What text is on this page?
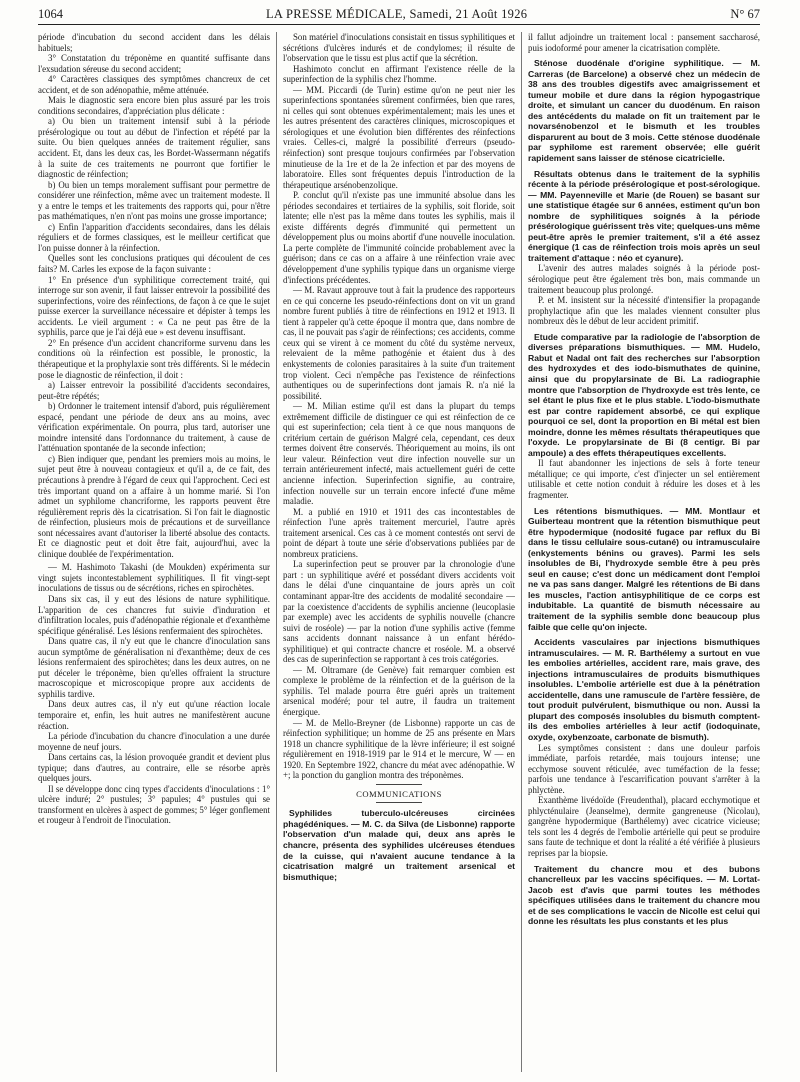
1064	LA PRESSE MÉDICALE, Samedi, 21 Août 1926	N° 67

période d'incubation du second accident dans les délais habituels;

3° Constatation du tréponème en quantité suffisante dans l'exsudation séreuse du second accident;

4° Caractères classiques des symptômes chancreux de cet accident, et de son adénopathie, même atténuée.

Mais le diagnostic sera encore bien plus assuré par les trois conditions secondaires, d'appréciation plus délicate :

a) Ou bien un traitement intensif subi à la période présérologique ou tout au début de l'infection et répété par la suite. Ou bien quelques années de traitement régulier, sans accident. Et, dans les deux cas, les Bordet-Wassermann négatifs à la suite de ces traitements ne pourront que fortifier le diagnostic de réinfection;

b) Ou bien un temps moralement suffisant pour permettre de considérer une réinfection, même avec un traitement modeste. Il y a entre le temps et les traitements des rapports qui, pour n'être pas mathématiques, n'en n'ont pas moins une grosse importance;

c) Enfin l'apparition d'accidents secondaires, dans les délais réguliers et de formes classiques, est le meilleur certificat que l'on puisse donner à la réinfection.

Quelles sont les conclusions pratiques qui découlent de ces faits? M. Carles les expose de la façon suivante :

1° En présence d'un syphilitique correctement traité, qui interroge sur son avenir, il faut laisser entrevoir la possibilité des superinfections, voire des réinfections, de façon à ce que le sujet puisse exercer la surveillance nécessaire et dépister à temps les accidents. Le vieil argument : « Ca ne peut pas être de la syphilis, parce que je l'ai déjà eue » est devenu insuffisant.

2° En présence d'un accident chancriforme survenu dans les conditions où la réinfection est possible, le pronostic, la thérapeutique et la prophylaxie sont très différents. Si le médecin pose le diagnostic de réinfection, il doit :

a) Laisser entrevoir la possibilité d'accidents secondaires, peut-être répétés;

b) Ordonner le traitement intensif d'abord, puis régulièrement espacé, pendant une période de deux ans au moins, avec vérification expérimentale. On pourra, plus tard, autoriser une moindre intensité dans l'ordonnance du traitement, à cause de l'atténuation spontanée de la seconde infection;

c) Bien indiquer que, pendant les premiers mois au moins, le sujet peut être à nouveau contagieux et qu'il a, de ce fait, des précautions à prendre à l'égard de ceux qui l'approchent. Ceci est très important quand on a affaire à un homme marié. Si l'on admet un syphilome chancriforme, les rapports peuvent être régulièrement repris dès la cicatrisation. Si l'on fait le diagnostic de réinfection, plusieurs mois de précautions et de surveillance sont nécessaires avant d'autoriser la liberté absolue des contacts. Et ce diagnostic peut et doit être fait, aujourd'hui, avec la clinique doublée de l'expérimentation.

— M. Hashimoto Takashi (de Moukden) expérimenta sur vingt sujets incontestablement syphilitiques. Il fit vingt-sept inoculations de tissus ou de sécrétions, riches en spirochètes.

Dans six cas, il y eut des lésions de nature syphilitique. L'apparition de ces chancres fut suivie d'induration et d'infiltration locales, puis d'adénopathie régionale et d'exanthème spécifique généralisé. Les lésions renfermaient des spirochètes.

Dans quatre cas, il n'y eut que le chancre d'inoculation sans aucun symptôme de généralisation ni d'exanthème; deux de ces lésions renfermaient des spirochètes; dans les deux autres, on ne put déceler le tréponème, bien qu'elles offraient la structure macroscopique et microscopique propre aux accidents de syphilis tardive.

Dans deux autres cas, il n'y eut qu'une réaction locale temporaire et, enfin, les huit autres ne manifestèrent aucune réaction.

La période d'incubation du chancre d'inoculation a une durée moyenne de neuf jours.

Dans certains cas, la lésion provoquée grandit et devient plus typique; dans d'autres, au contraire, elle se résorbe après quelques jours.

Il se développe donc cinq types d'accidents d'inoculations : 1° ulcère induré; 2° pustules; 3° papules; 4° pustules qui se transforment en ulcères à aspect de gommes; 5° léger gonflement et rougeur à l'endroit de l'inoculation.

Son matériel d'inoculations consistait en tissus syphilitiques et sécrétions d'ulcères indurés et de condylomes; il résulte de l'observation que le tissu est plus actif que la sécrétion.

Hashimoto conclut en affirmant l'existence réelle de la superinfection de la syphilis chez l'homme.

— MM. Piccardi (de Turin) estime qu'on ne peut nier les superinfections spontanées sûrement confirmées, bien que rares, ni celles qui sont obtenues expérimentalement; mais les unes et les autres présentent des caractères cliniques, microscopiques et sérologiques et une évolution bien différentes des réinfections vraies. Celles-ci, malgré la possibilité d'erreurs (pseudo-réinfection) sont presque toujours confirmées par l'observation minutieuse de la 1re et de la 2e infection et par des moyens de laboratoire. Elles sont fréquentes depuis l'introduction de la thérapeutique arsénobenzolique.

P. conclut qu'il n'existe pas une immunité absolue dans les périodes secondaires et tertiaires de la syphilis, soit floride, soit latente; elle n'est pas la même dans toutes les syphilis, mais il existe différents degrés d'immunité qui permettent un développement plus ou moins abortif d'une nouvelle inoculation. La perte complète de l'immunité coïncide probablement avec la guérison; dans ce cas on a affaire à une réinfection vraie avec développement d'une syphilis typique dans un organisme vierge d'infections précédentes.

— M. Ravaut approuve tout à fait la prudence des rapporteurs en ce qui concerne les pseudo-réinfections dont on vit un grand nombre furent publiés à titre de réinfections en 1912 et 1913. Il tient à rappeler qu'à cette époque il montra que, dans nombre de cas, il ne pouvait pas s'agir de réinfections; ces accidents, comme ceux qui se virent à ce moment du côté du système nerveux, relevaient de la même pathogénie et étaient dus à des enkystements de colonies parasitaires à la suite d'un traitement trop violent. Ceci n'empêche pas l'existence de réinfections authentiques ou de superinfections dont jamais R. n'a nié la possibilité.

— M. Milian estime qu'il est dans la plupart du temps extrêmement difficile de distinguer ce qui est réinfection de ce qui est superinfection; cela tient à ce que nous manquons de critérium certain de guérison Malgré cela, cependant, ces deux termes doivent être conservés. Théoriquement au moins, ils ont leur valeur. Réinfection veut dire infection nouvelle sur un terrain antérieurement infecté, mais actuellement guéri de cette ancienne infection. Superinfection signifie, au contraire, infection nouvelle sur un terrain encore infecté d'une même maladie.

M. a publié en 1910 et 1911 des cas incontestables de réinfection l'une après traitement mercuriel, l'autre après traitement arsenical. Ces cas à ce moment contestés ont servi de point de départ à toute une série d'observations publiées par de nombreux praticiens.

La superinfection peut se prouver par la chronologie d'une part : un syphilitique avéré et possédant divers accidents voit dans le délai d'une cinquantaine de jours après un coït contaminant appar-ître des accidents de modalité secondaire — par la coexistence d'accidents de syphilis ancienne (leucoplasie par exemple) avec les accidents de syphilis nouvelle (chancre suivi de roséole) — par la notion d'une syphilis active (femme sans accidents donnant naissance à un enfant hérédo-syphilitique) et qui contracte chancre et roséole. M. a observé des cas de superinfection se rapportant à ces trois catégories.

— M. Oltramare (de Genève) fait remarquer combien est complexe le problème de la réinfection et de la guérison de la syphilis. Tel malade pourra être guéri après un traitement arsenical modéré; pour tel autre, il faudra un traitement énergique.

— M. de Mello-Breyner (de Lisbonne) rapporte un cas de réinfection syphilitique; un homme de 25 ans présente en Mars 1918 un chancre syphilitique de la lèvre inférieure; il est soigné régulièrement en 1918-1919 par le 914 et le mercure, W — en 1920. En Septembre 1922, chancre du méat avec adénopathie. W +; la ponction du ganglion montra des tréponèmes.

COMMUNICATIONS

Syphilides tuberculo-ulcéreuses circinées phagédéniques. — M. C. da Silva (de Lisbonne) rapporte l'observation d'un malade qui, deux ans après le chancre, présenta des syphilides ulcéreuses étendues de la cuisse, qui n'avaient aucune tendance à la cicatrisation malgré un traitement arsenical et bismuthique;

il fallut adjoindre un traitement local : pansement saccharosé, puis iodoformé pour amener la cicatrisation complète.

Sténose duodénale d'origine syphilitique. — M. Carreras (de Barcelone) a observé chez un médecin de 38 ans des troubles digestifs avec amaigrissement et tumeur mobile et dure dans la région hypogastrique droite, et simulant un cancer du duodénum. En raison des antécédents du malade on fit un traitement par le novarsénobenzol et le bismuth et les troubles disparurent au bout de 3 mois. Cette sténose duodénale par syphilome est rarement observée; elle guérit rapidement sans laisser de sténose cicatricielle.

Résultats obtenus dans le traitement de la syphilis récente à la période présérologique et post-sérologique. — MM. Payenneville et Marie (de Rouen) se basant sur une statistique étagée sur 6 années, estiment qu'un bon nombre de syphilitiques soignés à la période présérologique guérissent très vite; quelques-uns même peut-être après le premier traitement, s'il a été assez énergique (1 cas de réinfection trois mois après un seul traitement d'attaque : néo et cyanure).

L'avenir des autres malades soignés à la période post-sérologique peut être également très bon, mais commande un traitement beaucoup plus prolongé.

P. et M. insistent sur la nécessité d'intensifier la propagande prophylactique afin que les malades viennent consulter plus nombreux dès le début de leur accident primitif.

Etude comparative par la radiologie de l'absorption de diverses préparations bismuthiques. — MM. Hudelo, Rabut et Nadal ont fait des recherches sur l'absorption des hydroxydes et des iodo-bismuthates de quinine, ainsi que du propylarsinate de Bi. La radiographie montre que l'absorption de l'hydroxyde est très lente, ce sel étant le plus fixe et le plus stable. L'iodo-bismuthate est par contre rapidement absorbé, ce qui explique pourquoi ce sel, dont la proportion en Bi métal est bien moindre, donne les mêmes résultats thérapeutiques que l'oxyde. Le propylarsinate de Bi (8 centigr. Bi par ampoule) a des effets thérapeutiques excellents.

Il faut abandonner les injections de sels à forte teneur métallique; ce qui importe, c'est d'injecter un sel entièrement utilisable et cette notion conduit à réduire les doses et à les fragmenter.

Les rétentions bismuthiques. — MM. Montlaur et Guiberteau montrent que la rétention bismuthique peut être hypodermique (nodosité fugace par reflux du Bi dans le tissu cellulaire sous-cutané) ou intramusculaire (enkystements bénins ou graves). Parmi les sels insolubles de Bi, l'hydroxyde semble être à peu près seul en cause; c'est donc un médicament dont l'emploi ne va pas sans danger. Malgré les rétentions de Bi dans les muscles, l'action antisyphilitique de ce corps est indubitable. La quantité de bismuth nécessaire au traitement de la syphilis semble donc beaucoup plus faible que celle qu'on injecte.

Accidents vasculaires par injections bismuthiques intramusculaires. — M. R. Barthélemy a surtout en vue les embolies artérielles, accident rare, mais grave, des injections intramusculaires de produits bismuthiques insolubles. L'embolie artérielle est due à la pénétration accidentelle, dans une ramuscule de l'artère fessière, de tout produit pulvérulent, bismuthique ou non. Aussi la plupart des composés insolubles du bismuth comptent-ils des embolies artérielles à leur actif (iodoquinate, oxyde, oxybenzoate, carbonate de bismuth).

Les symptômes consistent : dans une douleur parfois immédiate, parfois retardée, mais toujours intense; une ecchymose souvent réticulée, avec tuméfaction de la fesse; parfois une tendance à l'escarrification pouvant s'arrêter à la phlyctène.

Exanthème livédoïde (Freudenthal), placard ecchymotique et phlycténulaire (Jeanselme), dermite gangreneuse (Nicolau), gangrène hypodermique (Barthélemy) avec cicatrice vicieuse; tels sont les 4 degrés de l'embolie artérielle qui peut se produire sans faute de technique et dont la réalité a été vérifiée à plusieurs reprises par la biopsie.

Traitement du chancre mou et des bubons chancrelleux par les vaccins spécifiques. — M. Lortat-Jacob est d'avis que parmi toutes les méthodes spécifiques utilisées dans le traitement du chancre mou et de ses complications le vaccin de Nicolle est celui qui donne les résultats les plus constants et les plus
